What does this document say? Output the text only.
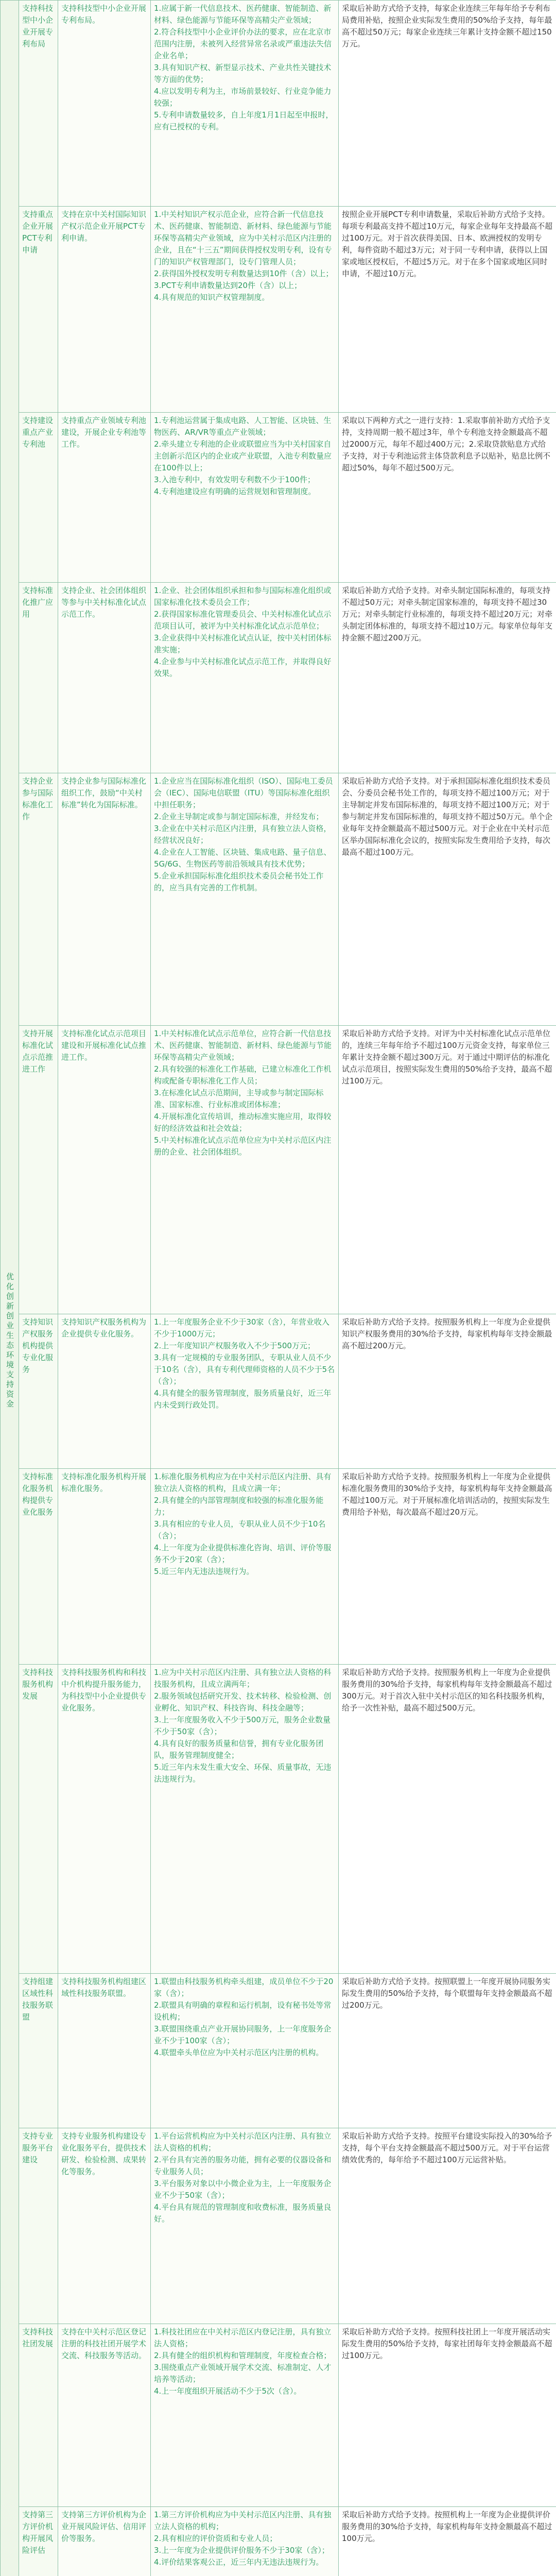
优化创新创业生态环境支持资金	支持科技型中小企业开展专利布局	支持科技型中小企业开展专利布局。	1.应属于新一代信息技术、医药健康、智能制造、新材料、绿色能源与节能环保等高精尖产业领域；
2.符合科技型中小企业评价办法的要求，应在北京市范围内注册，未被列入经营异常名录或严重违法失信企业名单；
3.具有知识产权、新型显示技术、产业共性关键技术等方面的优势；
4.应以发明专利为主，市场前景较好、行业竞争能力较强；
5.专利申请数量较多，自上年度1月1日起至申报时，应有已授权的专利。	采取后补助方式给予支持，每家企业连续三年每年给予专利布局费用补贴，按照企业实际发生费用的50%给予支持，每年最高不超过50万元；每家企业连续三年累计支持金额不超过150万元。
	支持重点企业开展PCT专利申请	支持在京中关村国际知识产权示范企业开展PCT专利申请。	1.中关村知识产权示范企业，应符合新一代信息技术、医药健康、智能制造、新材料、绿色能源与节能环保等高精尖产业领域，应为中关村示范区内注册的企业，且在“十三五”期间获得授权发明专利，设有专门的知识产权管理部门，设专门管理人员；
2.获得国外授权发明专利数量达到10件（含）以上；
3.PCT专利申请数量达到20件（含）以上；
4.具有规范的知识产权管理制度。	按照企业开展PCT专利申请数量，采取后补助方式给予支持。每项专利最高支持不超过10万元，每家企业每年支持最高不超过100万元。对于首次获得美国、日本、欧洲授权的发明专利，每件资助不超过3万元；对于同一专利申请，获得以上国家或地区授权后，不超过5万元。对于在多个国家或地区同时申请，不超过10万元。
	支持建设重点产业专利池	支持重点产业领域专利池建设，开展企业专利池等工作。	1.专利池运营属于集成电路、人工智能、区块链、生物医药、AR/VR等重点产业领域；
2.牵头建立专利池的企业或联盟应当为中关村国家自主创新示范区内的企业或产业联盟，入池专利数量应在100件以上；
3.入池专利中，有效发明专利数不少于100件；
4.专利池建设应有明确的运营规划和管理制度。	采取以下两种方式之一进行支持：1.采取事前补助方式给予支持，支持周期一般不超过3年，单个专利池支持金额最高不超过2000万元，每年不超过400万元；2.采取贷款贴息方式给予支持，对于专利池运营主体贷款利息予以贴补，贴息比例不超过50%，每年不超过500万元。
	支持标准化推广应用	支持企业、社会团体组织等参与中关村标准化试点示范工作。	1.企业、社会团体组织承担和参与国际标准化组织或国家标准化技术委员会工作；
2.获得国家标准化管理委员会、中关村标准化试点示范项目认可，被评为中关村标准化试点示范单位；
3.企业获得中关村标准化试点认证，按中关村团体标准实施；
4.企业参与中关村标准化试点示范工作，并取得良好效果。	采取后补助方式给予支持。对牵头制定国际标准的，每项支持不超过50万元；对牵头制定国家标准的，每项支持不超过30万元；对牵头制定行业标准的，每项支持不超过20万元；对牵头制定团体标准的，每项支持不超过10万元。每家单位每年支持金额不超过200万元。
	支持企业参与国际标准化工作	支持企业参与国际标准化组织工作，鼓励“中关村标准”转化为国际标准。	1.企业应当在国际标准化组织（ISO）、国际电工委员会（IEC）、国际电信联盟（ITU）等国际标准化组织中担任职务；
2.企业主导制定或参与制定国际标准，并经发布；
3.企业在中关村示范区内注册，具有独立法人资格，经营状况良好；
4.企业在人工智能、区块链、集成电路、量子信息、5G/6G、生物医药等前沿领域具有技术优势；
5.企业承担国际标准化组织技术委员会秘书处工作的，应当具有完善的工作机制。	采取后补助方式给予支持。对于承担国际标准化组织技术委员会、分委员会秘书处工作的，每项支持不超过100万元；对于主导制定并发布国际标准的，每项支持不超过100万元；对于参与制定并发布国际标准的，每项支持不超过50万元。单个企业每年支持金额最高不超过500万元。对于企业在中关村示范区举办国际标准化会议的，按照实际发生费用给予支持，每次最高不超过100万元。
	支持开展标准化试点示范推进工作	支持标准化试点示范项目建设和开展标准化试点推进工作。	1.中关村标准化试点示范单位，应符合新一代信息技术、医药健康、智能制造、新材料、绿色能源与节能环保等高精尖产业领域；
2.具有较强的标准化工作基础，已建立标准化工作机构或配备专职标准化工作人员；
3.在标准化试点示范期间，主导或参与制定国际标准、国家标准、行业标准或团体标准；
4.开展标准化宣传培训，推动标准实施应用，取得较好的经济效益和社会效益；
5.中关村标准化试点示范单位应为中关村示范区内注册的企业、社会团体组织。	采取后补助方式给予支持。对评为中关村标准化试点示范单位的，连续三年每年给予不超过100万元资金支持，每家单位三年累计支持金额不超过300万元。对于通过中期评估的标准化试点示范项目，按照实际发生费用的50%给予支持，最高不超过100万元。
	支持知识产权服务机构提供专业化服务	支持知识产权服务机构为企业提供专业化服务。	1.上一年度服务企业不少于30家（含），年营业收入不少于1000万元；
2.上一年度知识产权服务收入不少于500万元；
3.具有一定规模的专业服务团队，专职从业人员不少于10名（含），具有专利代理师资格的人员不少于5名（含）；
4.具有健全的服务管理制度，服务质量良好，近三年内未受到行政处罚。	采取后补助方式给予支持。按照服务机构上一年度为企业提供知识产权服务费用的30%给予支持，每家机构每年支持金额最高不超过200万元。
	支持标准化服务机构提供专业化服务	支持标准化服务机构开展标准化服务。	1.标准化服务机构应为在中关村示范区内注册、具有独立法人资格的机构，且成立满一年；
2.具有健全的内部管理制度和较强的标准化服务能力；
3.具有相应的专业人员，专职从业人员不少于10名（含）；
4.上一年度为企业提供标准化咨询、培训、评价等服务不少于20家（含）；
5.近三年内无违法违规行为。	采取后补助方式给予支持。按照服务机构上一年度为企业提供标准化服务费用的30%给予支持，每家机构每年支持金额最高不超过100万元。对于开展标准化培训活动的，按照实际发生费用给予补贴，每次最高不超过20万元。
	支持科技服务机构发展	支持科技服务机构和科技中介机构提升服务能力，为科技型中小企业提供专业化服务。	1.应为中关村示范区内注册、具有独立法人资格的科技服务机构，且成立满两年；
2.服务领域包括研究开发、技术转移、检验检测、创业孵化、知识产权、科技咨询、科技金融等；
3.上一年度服务收入不少于500万元，服务企业数量不少于50家（含）；
4.具有良好的服务质量和信誉，拥有专业化服务团队，服务管理制度健全；
5.近三年内未发生重大安全、环保、质量事故，无违法违规行为。	采取后补助方式给予支持。按照服务机构上一年度为企业提供服务费用的30%给予支持，每家机构每年支持金额最高不超过300万元。对于首次入驻中关村示范区的知名科技服务机构，给予一次性补贴，最高不超过500万元。
	支持组建区域性科技服务联盟	支持科技服务机构组建区域性科技服务联盟。	1.联盟由科技服务机构牵头组建，成员单位不少于20家（含）；
2.联盟具有明确的章程和运行机制，设有秘书处等常设机构；
3.联盟围绕重点产业开展协同服务，上一年度服务企业不少于100家（含）；
4.联盟牵头单位应为中关村示范区内注册的机构。	采取后补助方式给予支持。按照联盟上一年度开展协同服务实际发生费用的50%给予支持，每个联盟每年支持金额最高不超过200万元。
	支持专业服务平台建设	支持专业服务机构建设专业化服务平台，提供技术研发、检验检测、成果转化等服务。	1.平台运营机构应为中关村示范区内注册、具有独立法人资格的机构；
2.平台具有完善的服务功能，拥有必要的仪器设备和专业服务人员；
3.平台服务对象以中小微企业为主，上一年度服务企业不少于50家（含）；
4.平台具有规范的管理制度和收费标准，服务质量良好。	采取后补助方式给予支持。按照平台建设实际投入的30%给予支持，每个平台支持金额最高不超过500万元。对于平台运营绩效优秀的，每年给予不超过100万元运营补贴。
	支持科技社团发展	支持在中关村示范区登记注册的科技社团开展学术交流、科技服务等活动。	1.科技社团应在中关村示范区内登记注册，具有独立法人资格；
2.具有健全的组织机构和管理制度，年度检查合格；
3.围绕重点产业领域开展学术交流、标准制定、人才培养等活动；
4.上一年度组织开展活动不少于5次（含）。	采取后补助方式给予支持。按照科技社团上一年度开展活动实际发生费用的50%给予支持，每家社团每年支持金额最高不超过100万元。
	支持第三方评价机构开展风险评估	支持第三方评价机构为企业开展风险评估、信用评价等服务。	1.第三方评价机构应为中关村示范区内注册、具有独立法人资格的机构；
2.具有相应的评价资质和专业人员；
3.上一年度为企业提供评价服务不少于30家（含）；
4.评价结果客观公正，近三年内无违法违规行为。	采取后补助方式给予支持。按照机构上一年度为企业提供评价服务费用的30%给予支持，每家机构每年支持金额最高不超过100万元。
